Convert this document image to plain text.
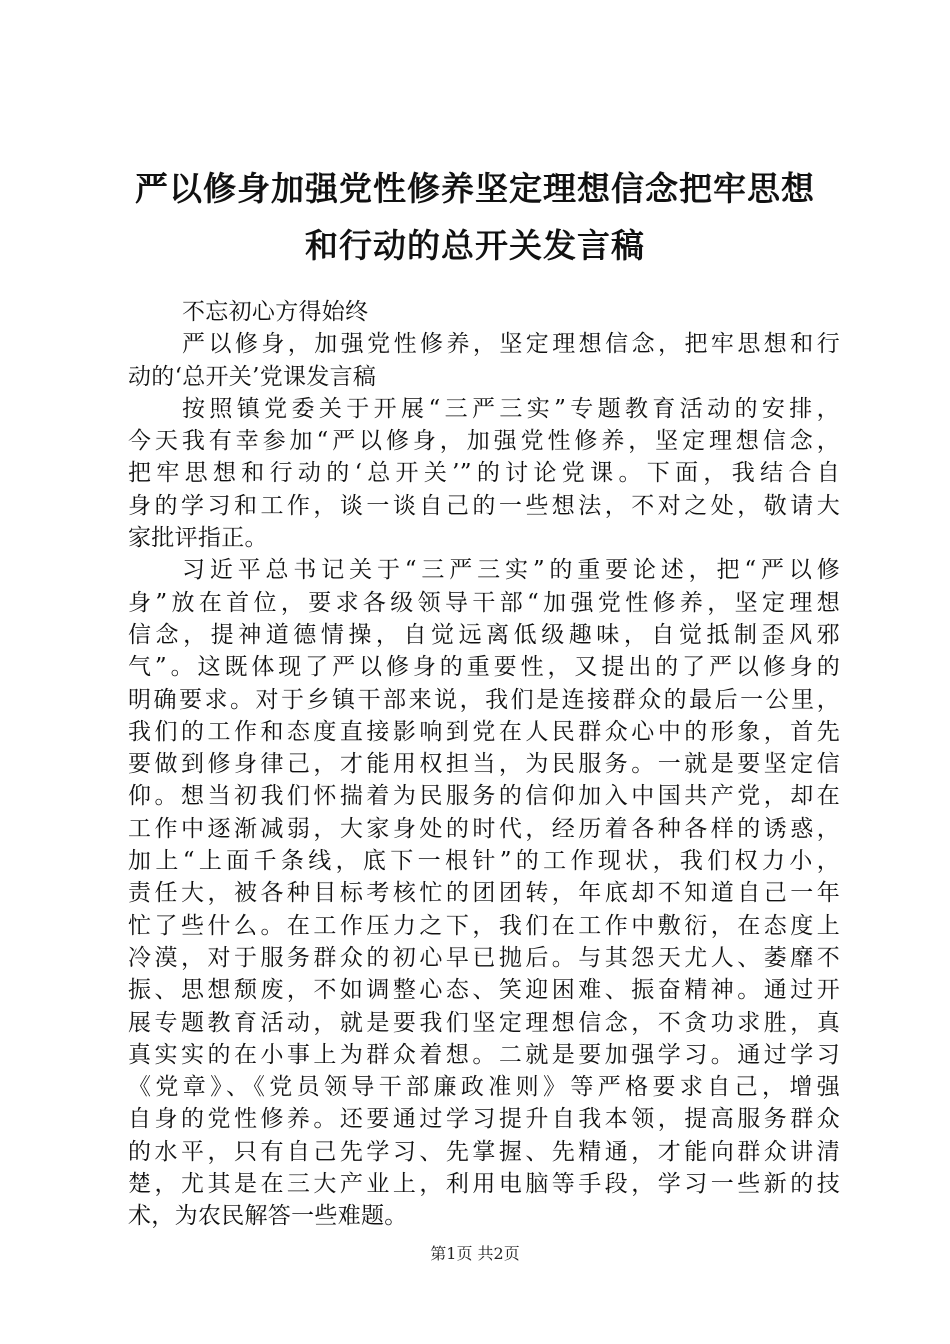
严以修身加强党性修养坚定理想信念把牢思想
和行动的总开关发言稿
不忘初心方得始终
严以修身，加强党性修养，坚定理想信念，把牢思想和行
动的‘总开关’党课发言稿
按照镇党委关于开展“三严三实”专题教育活动的安排，
今天我有幸参加“严以修身，加强党性修养，坚定理想信念，
把牢思想和行动的‘总开关’”的讨论党课。下面，我结合自
身的学习和工作，谈一谈自己的一些想法，不对之处，敬请大
家批评指正。
习近平总书记关于“三严三实”的重要论述，把“严以修
身”放在首位，要求各级领导干部“加强党性修养，坚定理想
信念，提神道德情操，自觉远离低级趣味，自觉抵制歪风邪
气”。这既体现了严以修身的重要性，又提出的了严以修身的
明确要求。对于乡镇干部来说，我们是连接群众的最后一公里，
我们的工作和态度直接影响到党在人民群众心中的形象，首先
要做到修身律己，才能用权担当，为民服务。一就是要坚定信
仰。想当初我们怀揣着为民服务的信仰加入中国共产党，却在
工作中逐渐减弱，大家身处的时代，经历着各种各样的诱惑，
加上“上面千条线，底下一根针”的工作现状，我们权力小，
责任大，被各种目标考核忙的团团转，年底却不知道自己一年
忙了些什么。在工作压力之下，我们在工作中敷衍，在态度上
冷漠，对于服务群众的初心早已抛后。与其怨天尤人、萎靡不
振、思想颓废，不如调整心态、笑迎困难、振奋精神。通过开
展专题教育活动，就是要我们坚定理想信念，不贪功求胜，真
真实实的在小事上为群众着想。二就是要加强学习。通过学习
《党章》、《党员领导干部廉政准则》等严格要求自己，增强
自身的党性修养。还要通过学习提升自我本领，提高服务群众
的水平，只有自己先学习、先掌握、先精通，才能向群众讲清
楚，尤其是在三大产业上，利用电脑等手段，学习一些新的技
术，为农民解答一些难题。
第1页 共2页
